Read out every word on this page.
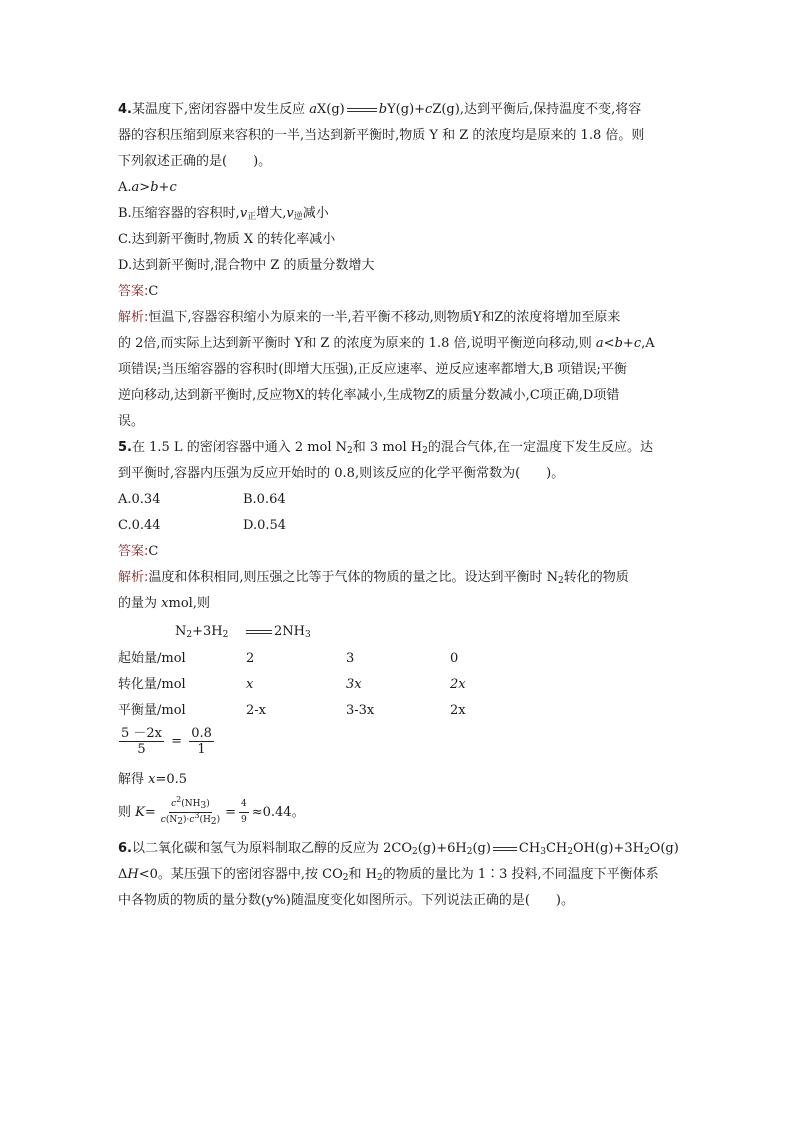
4.某温度下,密闭容器中发生反应 aX(g)	bY(g)+cZ(g),达到平衡后,保持温度不变,将容
器的容积压缩到原来容积的一半,当达到新平衡时,物质 Y 和 Z 的浓度均是原来的 1.8 倍。则
下列叙述正确的是(　　)。
A.a>b+c
B.压缩容器的容积时$,v_正$增大$,v_逆$减小
C.达到新平衡时,物质 X 的转化率减小
D.达到新平衡时,混合物中 Z 的质量分数增大
答案:C
解析:恒温下,容器容积缩小为原来的一半,若平衡不移动,则物质Y和Z的浓度将增加至原来
的 2倍,而实际上达到新平衡时 Y和 Z 的浓度为原来的 1.8 倍,说明平衡逆向移动,则 a<b+c,A
项错误;当压缩容器的容积时(即增大压强),正反应速率、逆反应速率都增大,B 项错误;平衡
逆向移动,达到新平衡时,反应物X的转化率减小,生成物Z的质量分数减小,C项正确,D项错
误。
5.在 1.5 L 的密闭容器中通入 2 mol $N_2$和 3 mol $H_2$的混合气体,在一定温度下发生反应。达
到平衡时,容器内压强为反应开始时的 0.8,则该反应的化学平衡常数为(　　)。
A.0.34	B.0.64
C.0.44	D.0.54
答案:C
解析:温度和体积相同,则压强之比等于气体的物质的量之比。设达到平衡时 $N_2$转化的物质
的量为 xmol,则
$N_2+3H_2$	$2NH_3$
起始量/mol	2	3	0
转化量/mol	x	3x	2x
平衡量/mol	2-x	3-3x	2x
$\frac{5 -2x}{5} = \frac{0.8}{1}$
解得 x=0.5
则 $K= \frac{c^2(NH_3)}{c(N_2)\cdot c^3(H_2)} = \frac{4}{9} \approx 0.44$。
6.以二氧化碳和氢气为原料制取乙醇的反应为 $2CO_2(g)+6H_2(g)$ $CH_3CH_2OH(g)+3H_2O(g)$
ΔH<0。某压强下的密闭容器中,按 $CO_2$和 $H_2$的物质的量比为 1∶3 投料,不同温度下平衡体系
中各物质的物质的量分数(y%)随温度变化如图所示。下列说法正确的是(　　)。
